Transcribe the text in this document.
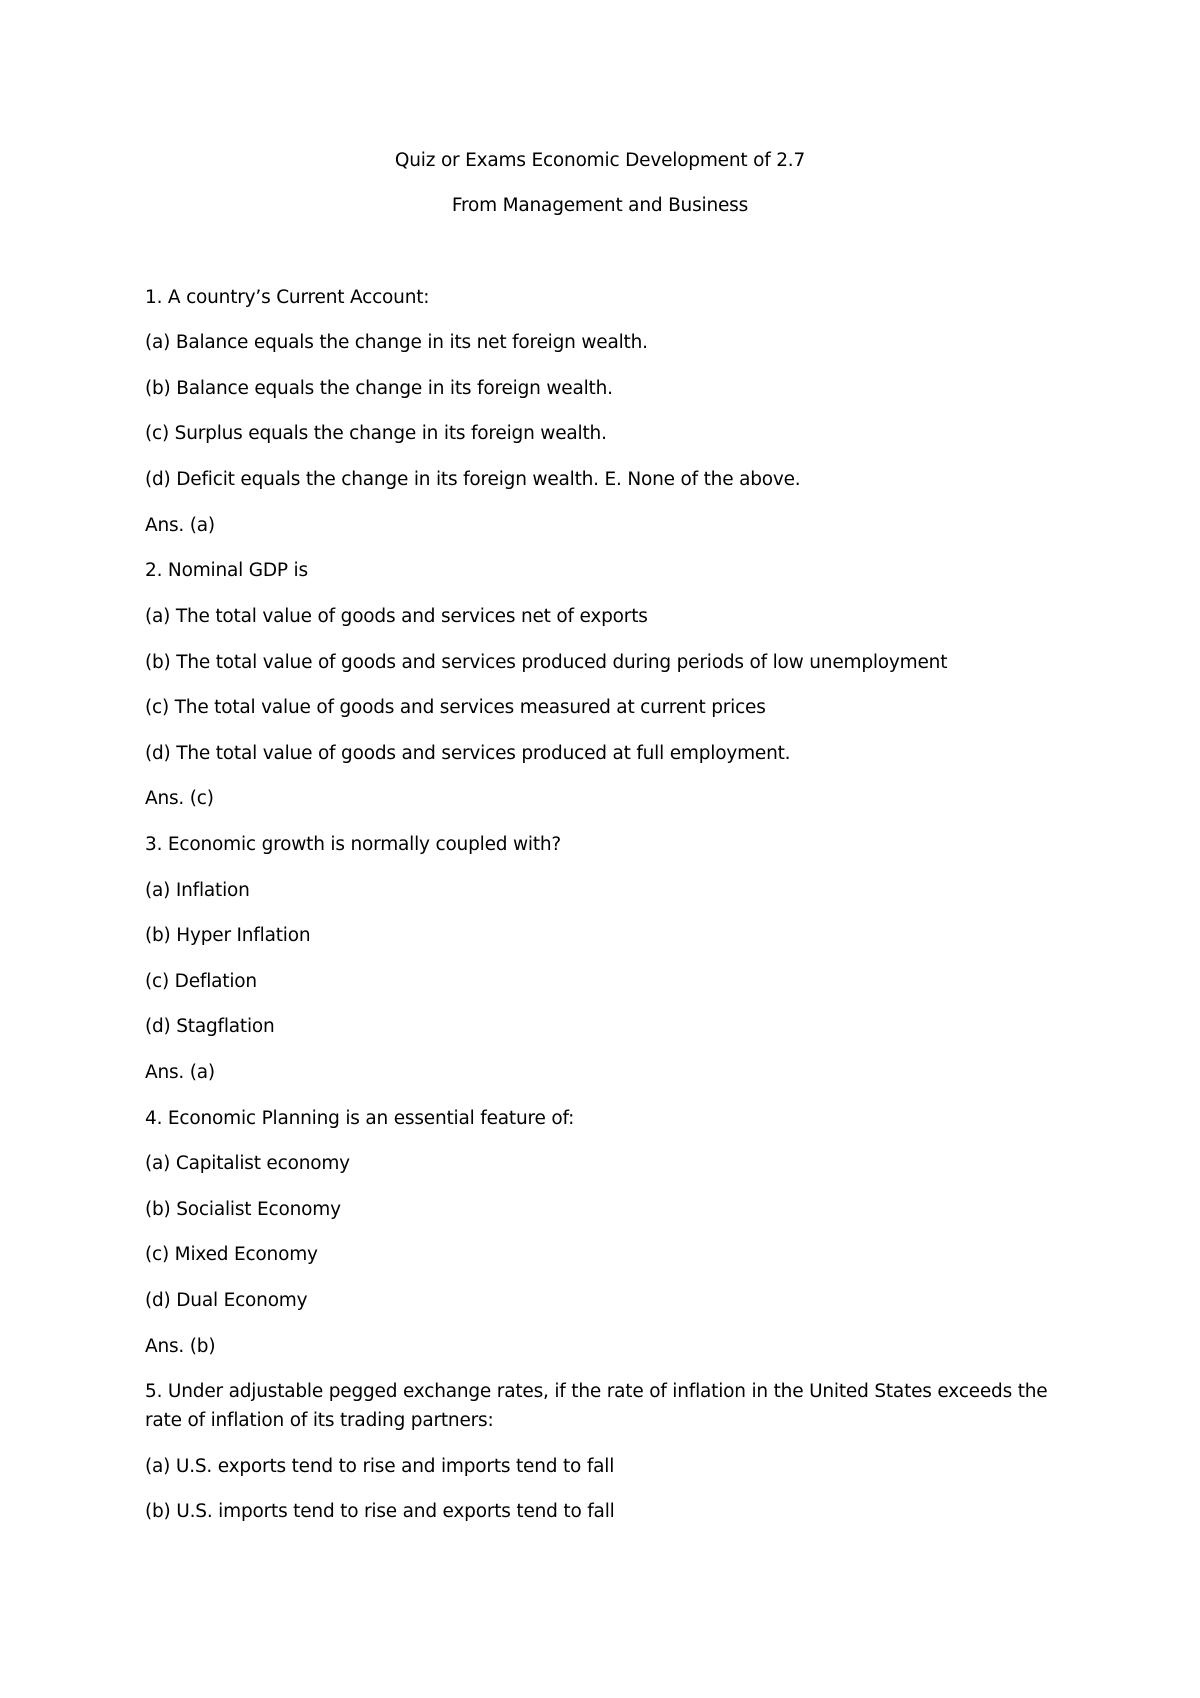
Quiz or Exams Economic Development of 2.7
From Management and Business
1. A country’s Current Account:
(a) Balance equals the change in its net foreign wealth.
(b) Balance equals the change in its foreign wealth.
(c) Surplus equals the change in its foreign wealth.
(d) Deficit equals the change in its foreign wealth. E. None of the above.
Ans. (a)
2. Nominal GDP is
(a) The total value of goods and services net of exports
(b) The total value of goods and services produced during periods of low unemployment
(c) The total value of goods and services measured at current prices
(d) The total value of goods and services produced at full employment.
Ans. (c)
3. Economic growth is normally coupled with?
(a) Inflation
(b) Hyper Inflation
(c) Deflation
(d) Stagflation
Ans. (a)
4. Economic Planning is an essential feature of:
(a) Capitalist economy
(b) Socialist Economy
(c) Mixed Economy
(d) Dual Economy
Ans. (b)
5. Under adjustable pegged exchange rates, if the rate of inflation in the United States exceeds the
rate of inflation of its trading partners:
(a) U.S. exports tend to rise and imports tend to fall
(b) U.S. imports tend to rise and exports tend to fall
